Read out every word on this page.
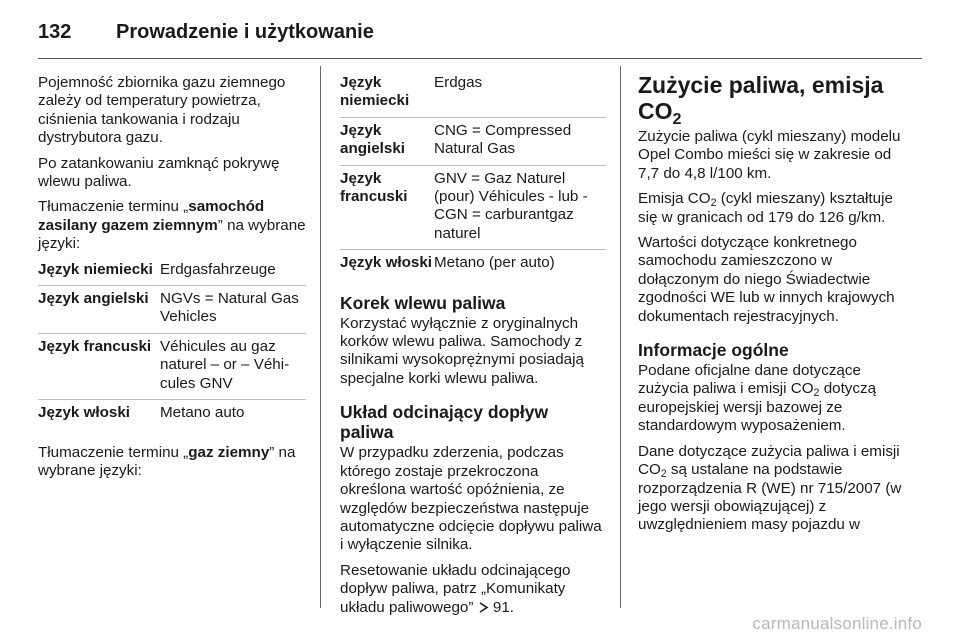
132	Prowadzenie i użytkowanie

Pojemność zbiornika gazu ziemnego zależy od temperatury powietrza, ciśnienia tankowania i rodzaju dystrybutora gazu.

Po zatankowaniu zamknąć pokrywę wlewu paliwa.

Tłumaczenie terminu „samochód zasilany gazem ziemnym” na wybrane języki:

Język niemiecki Erdgasfahrzeuge
Język angielski NGVs = Natural Gas Vehicles
Język francuski Véhicules au gaz naturel – or – Véhicules GNV
Język włoski	Metano auto

Tłumaczenie terminu „gaz ziemny” na wybrane języki:

Język niemiecki
Erdgas
Język angielski
CNG = Compressed Natural Gas
Język francuski
GNV = Gaz Naturel (pour) Véhicules - lub - CGN = carburantgaz naturel
Język włoski Metano (per auto)
Korek wlewu paliwa

Korzystać wyłącznie z oryginalnych korków wlewu paliwa. Samochody z silnikami wysokoprężnymi posiadają specjalne korki wlewu paliwa.

Układ odcinający dopływ paliwa

W przypadku zderzenia, podczas którego zostaje przekroczona określona wartość opóźnienia, ze względów bezpieczeństwa następuje automatyczne odcięcie dopływu paliwa i wyłączenie silnika.

Resetowanie układu odcinającego dopływ paliwa, patrz „Komunikaty układu paliwowego” 91.

Zużycie paliwa, emisja $CO_2$

Zużycie paliwa (cykl mieszany) modelu Opel Combo mieści się w zakresie od 7,7 do 4,8 l/100 km.

Emisja $CO_2$ (cykl mieszany) kształtuje się w granicach od 179 do 126 g/km.

Wartości dotyczące konkretnego samochodu zamieszczono w dołączonym do niego Świadectwie zgodności WE lub w innych krajowych dokumentach rejestracyjnych.

Informacje ogólne

Podane oficjalne dane dotyczące zużycia paliwa i emisji $CO_2$ dotyczą europejskiej wersji bazowej ze standardowym wyposażeniem.

Dane dotyczące zużycia paliwa i emisji $CO_2$ są ustalane na podstawie rozporządzenia R (WE) nr 715/2007 (w jego wersji obowiązującej) z uwzględnieniem masy pojazdu w

carmanualsonline.info
